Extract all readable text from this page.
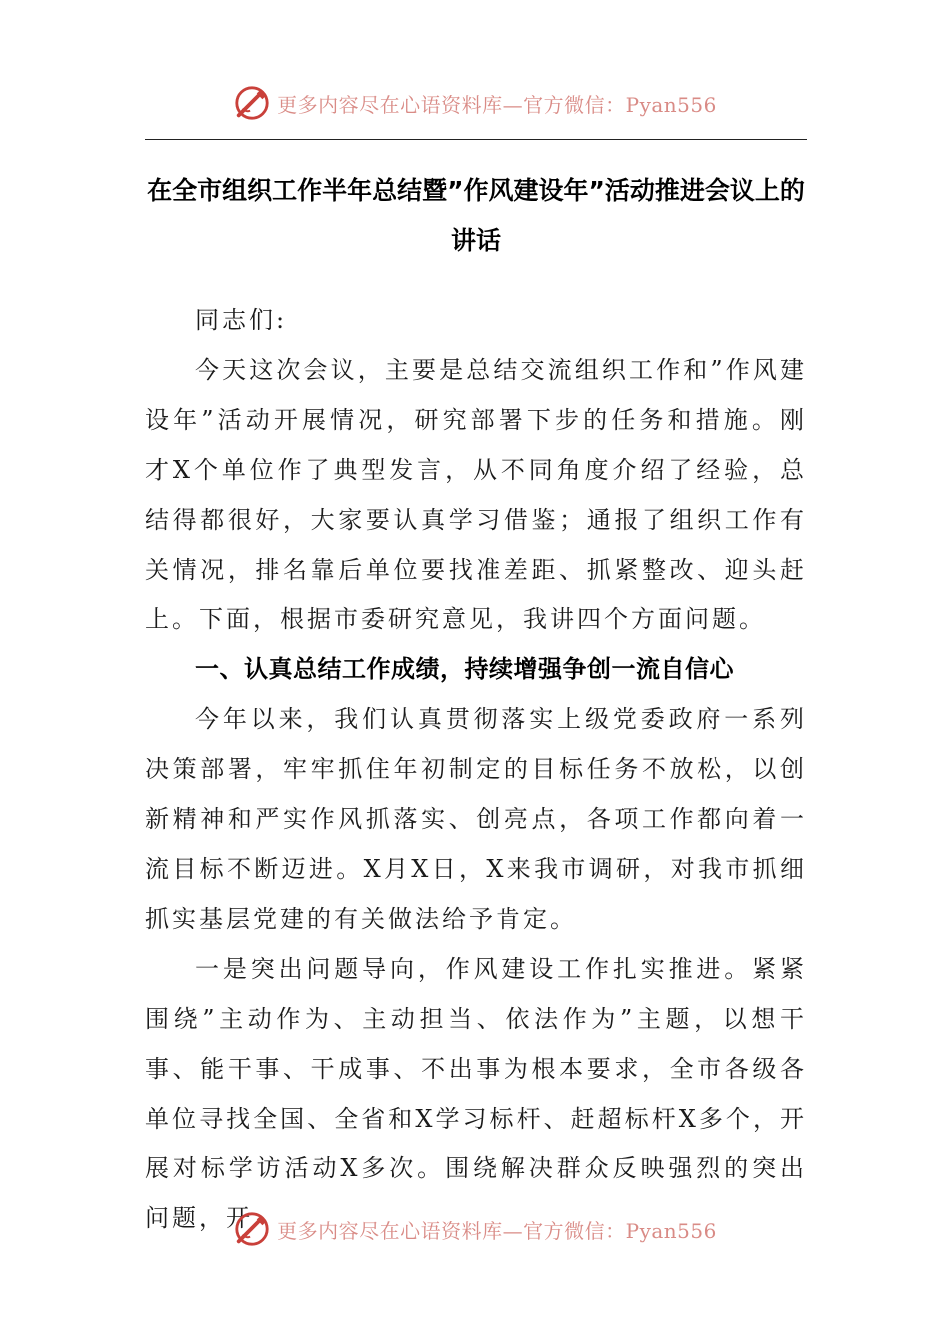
更多内容尽在心语资料库—官方微信：Pyan556
在全市组织工作半年总结暨”作风建设年”活动推进会议上的讲话

同志们:

今天这次会议，主要是总结交流组织工作和”作风建设年”活动开展情况，研究部署下步的任务和措施。刚才X个单位作了典型发言，从不同角度介绍了经验，总结得都很好，大家要认真学习借鉴；通报了组织工作有关情况，排名靠后单位要找准差距、抓紧整改、迎头赶上。下面，根据市委研究意见，我讲四个方面问题。

一、认真总结工作成绩，持续增强争创一流自信心

今年以来，我们认真贯彻落实上级党委政府一系列决策部署，牢牢抓住年初制定的目标任务不放松，以创新精神和严实作风抓落实、创亮点，各项工作都向着一流目标不断迈进。X月X日，X来我市调研，对我市抓细抓实基层党建的有关做法给予肯定。

一是突出问题导向，作风建设工作扎实推进。紧紧围绕”主动作为、主动担当、依法作为”主题，以想干事、能干事、干成事、不出事为根本要求，全市各级各单位寻找全国、全省和X学习标杆、赶超标杆X多个，开展对标学访活动X多次。围绕解决群众反映强烈的突出问题，开	更多内容尽在心语资料库—官方微信：Pyan556
